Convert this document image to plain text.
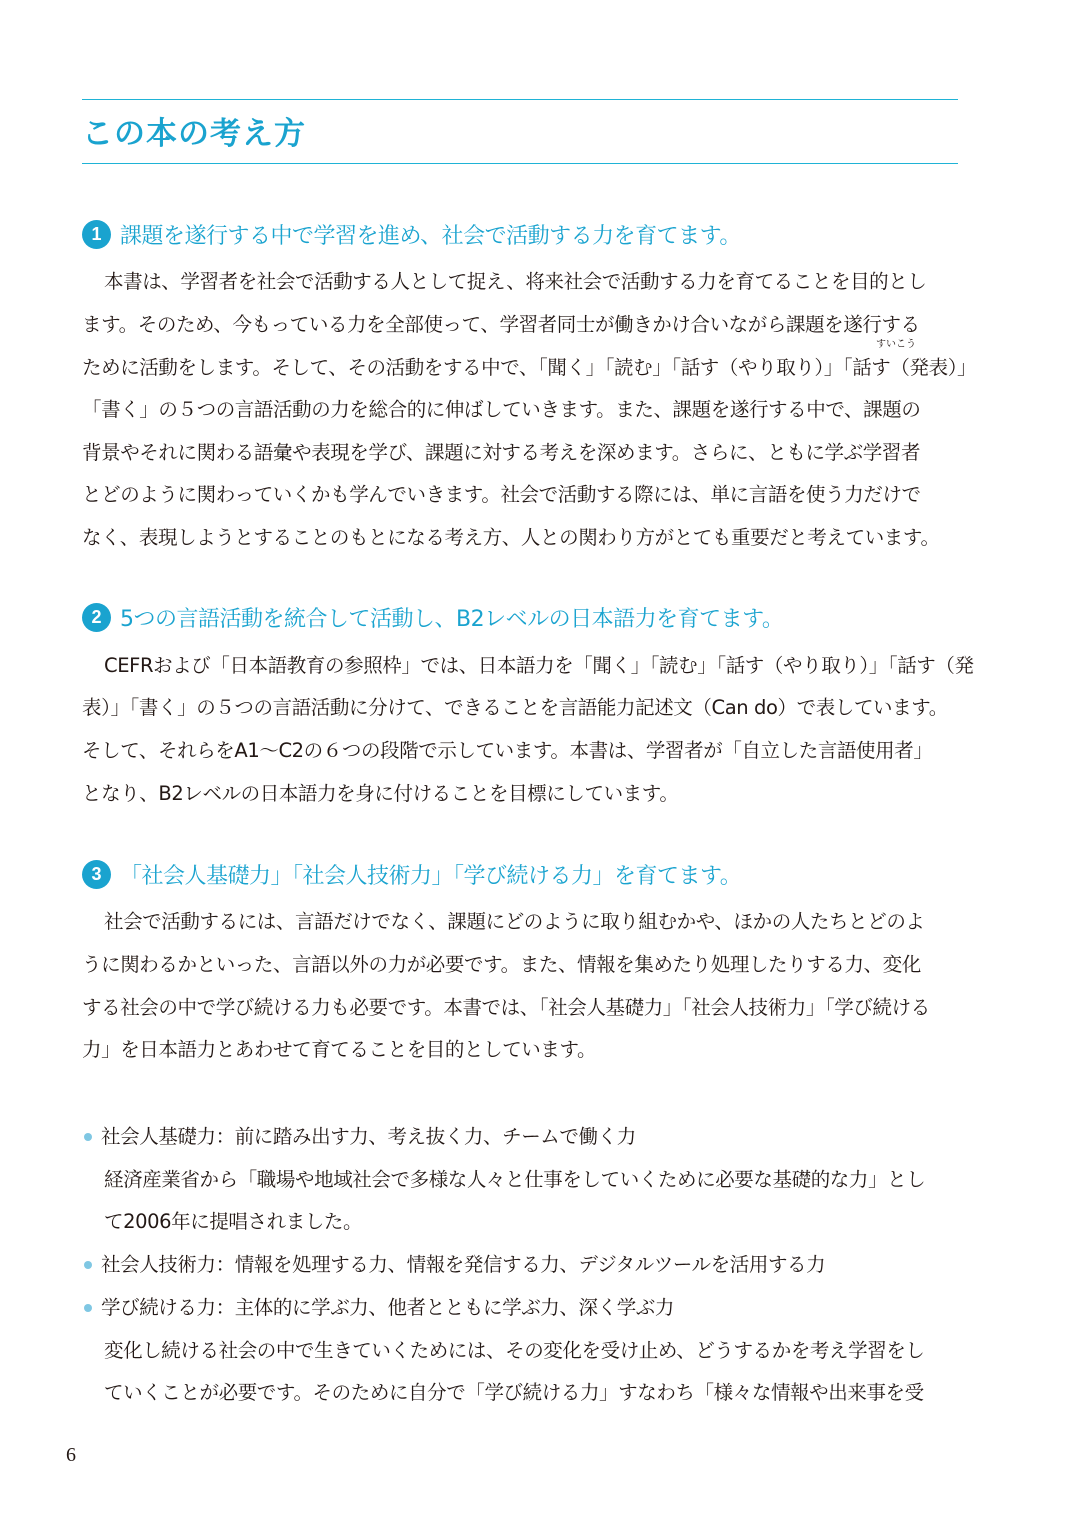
この本の考え方
1 課題を遂行する中で学習を進め、社会で活動する力を育てます。
本書は、学習者を社会で活動する人として捉え、将来社会で活動する力を育てることを目的とし
ます。そのため、今もっている力を全部使って、学習者同士が働きかけ合いながら課題を遂行する
すいこう
ために活動をします。そして、その活動をする中で、「聞く」「読む」「話す（やり取り）」「話す（発表）」
「書く」の５つの言語活動の力を総合的に伸ばしていきます。また、課題を遂行する中で、課題の
背景やそれに関わる語彙や表現を学び、課題に対する考えを深めます。さらに、ともに学ぶ学習者
とどのように関わっていくかも学んでいきます。社会で活動する際には、単に言語を使う力だけで
なく、表現しようとすることのもとになる考え方、人との関わり方がとても重要だと考えています。
2 5つの言語活動を統合して活動し、B2レベルの日本語力を育てます。
CEFRおよび「日本語教育の参照枠」では、日本語力を「聞く」「読む」「話す（やり取り）」「話す（発
表）」「書く」の５つの言語活動に分けて、できることを言語能力記述文（Can do）で表しています。
そして、それらをA1～C2の６つの段階で示しています。本書は、学習者が「自立した言語使用者」
となり、B2レベルの日本語力を身に付けることを目標にしています。
3 「社会人基礎力」「社会人技術力」「学び続ける力」を育てます。
社会で活動するには、言語だけでなく、課題にどのように取り組むかや、ほかの人たちとどのよ
うに関わるかといった、言語以外の力が必要です。また、情報を集めたり処理したりする力、変化
する社会の中で学び続ける力も必要です。本書では、「社会人基礎力」「社会人技術力」「学び続ける
力」を日本語力とあわせて育てることを目的としています。
社会人基礎力：前に踏み出す力、考え抜く力、チームで働く力
経済産業省から「職場や地域社会で多様な人々と仕事をしていくために必要な基礎的な力」とし
て2006年に提唱されました。
社会人技術力：情報を処理する力、情報を発信する力、デジタルツールを活用する力
学び続ける力：主体的に学ぶ力、他者とともに学ぶ力、深く学ぶ力
変化し続ける社会の中で生きていくためには、その変化を受け止め、どうするかを考え学習をし
ていくことが必要です。そのために自分で「学び続ける力」すなわち「様々な情報や出来事を受
6
